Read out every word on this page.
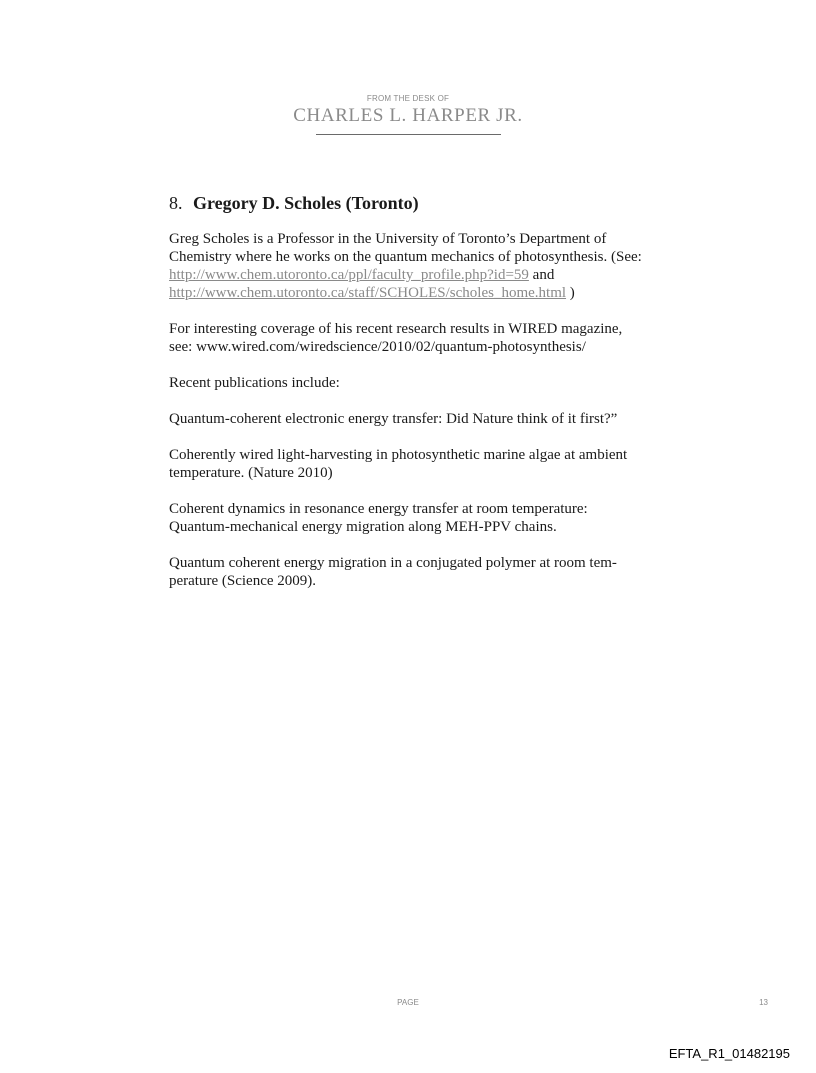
FROM THE DESK OF
CHARLES L. HARPER JR.
8. Gregory D. Scholes (Toronto)

Greg Scholes is a Professor in the University of Toronto’s Department of Chemistry where he works on the quantum mechanics of photosynthesis. (See: http://www.chem.utoronto.ca/ppl/faculty_profile.php?id=59 and
http://www.chem.utoronto.ca/staff/SCHOLES/scholes_home.html )

For interesting coverage of his recent research results in WIRED magazine, see: www.wired.com/wiredscience/2010/02/quantum-photosynthesis/

Recent publications include:

Quantum-coherent electronic energy transfer: Did Nature think of it first?”

Coherently wired light-harvesting in photosynthetic marine algae at ambient temperature. (Nature 2010)

Coherent dynamics in resonance energy transfer at room temperature: Quantum-mechanical energy migration along MEH-PPV chains.

Quantum coherent energy migration in a conjugated polymer at room tem-perature (Science 2009).

PAGE	13
EFTA_R1_01482195
